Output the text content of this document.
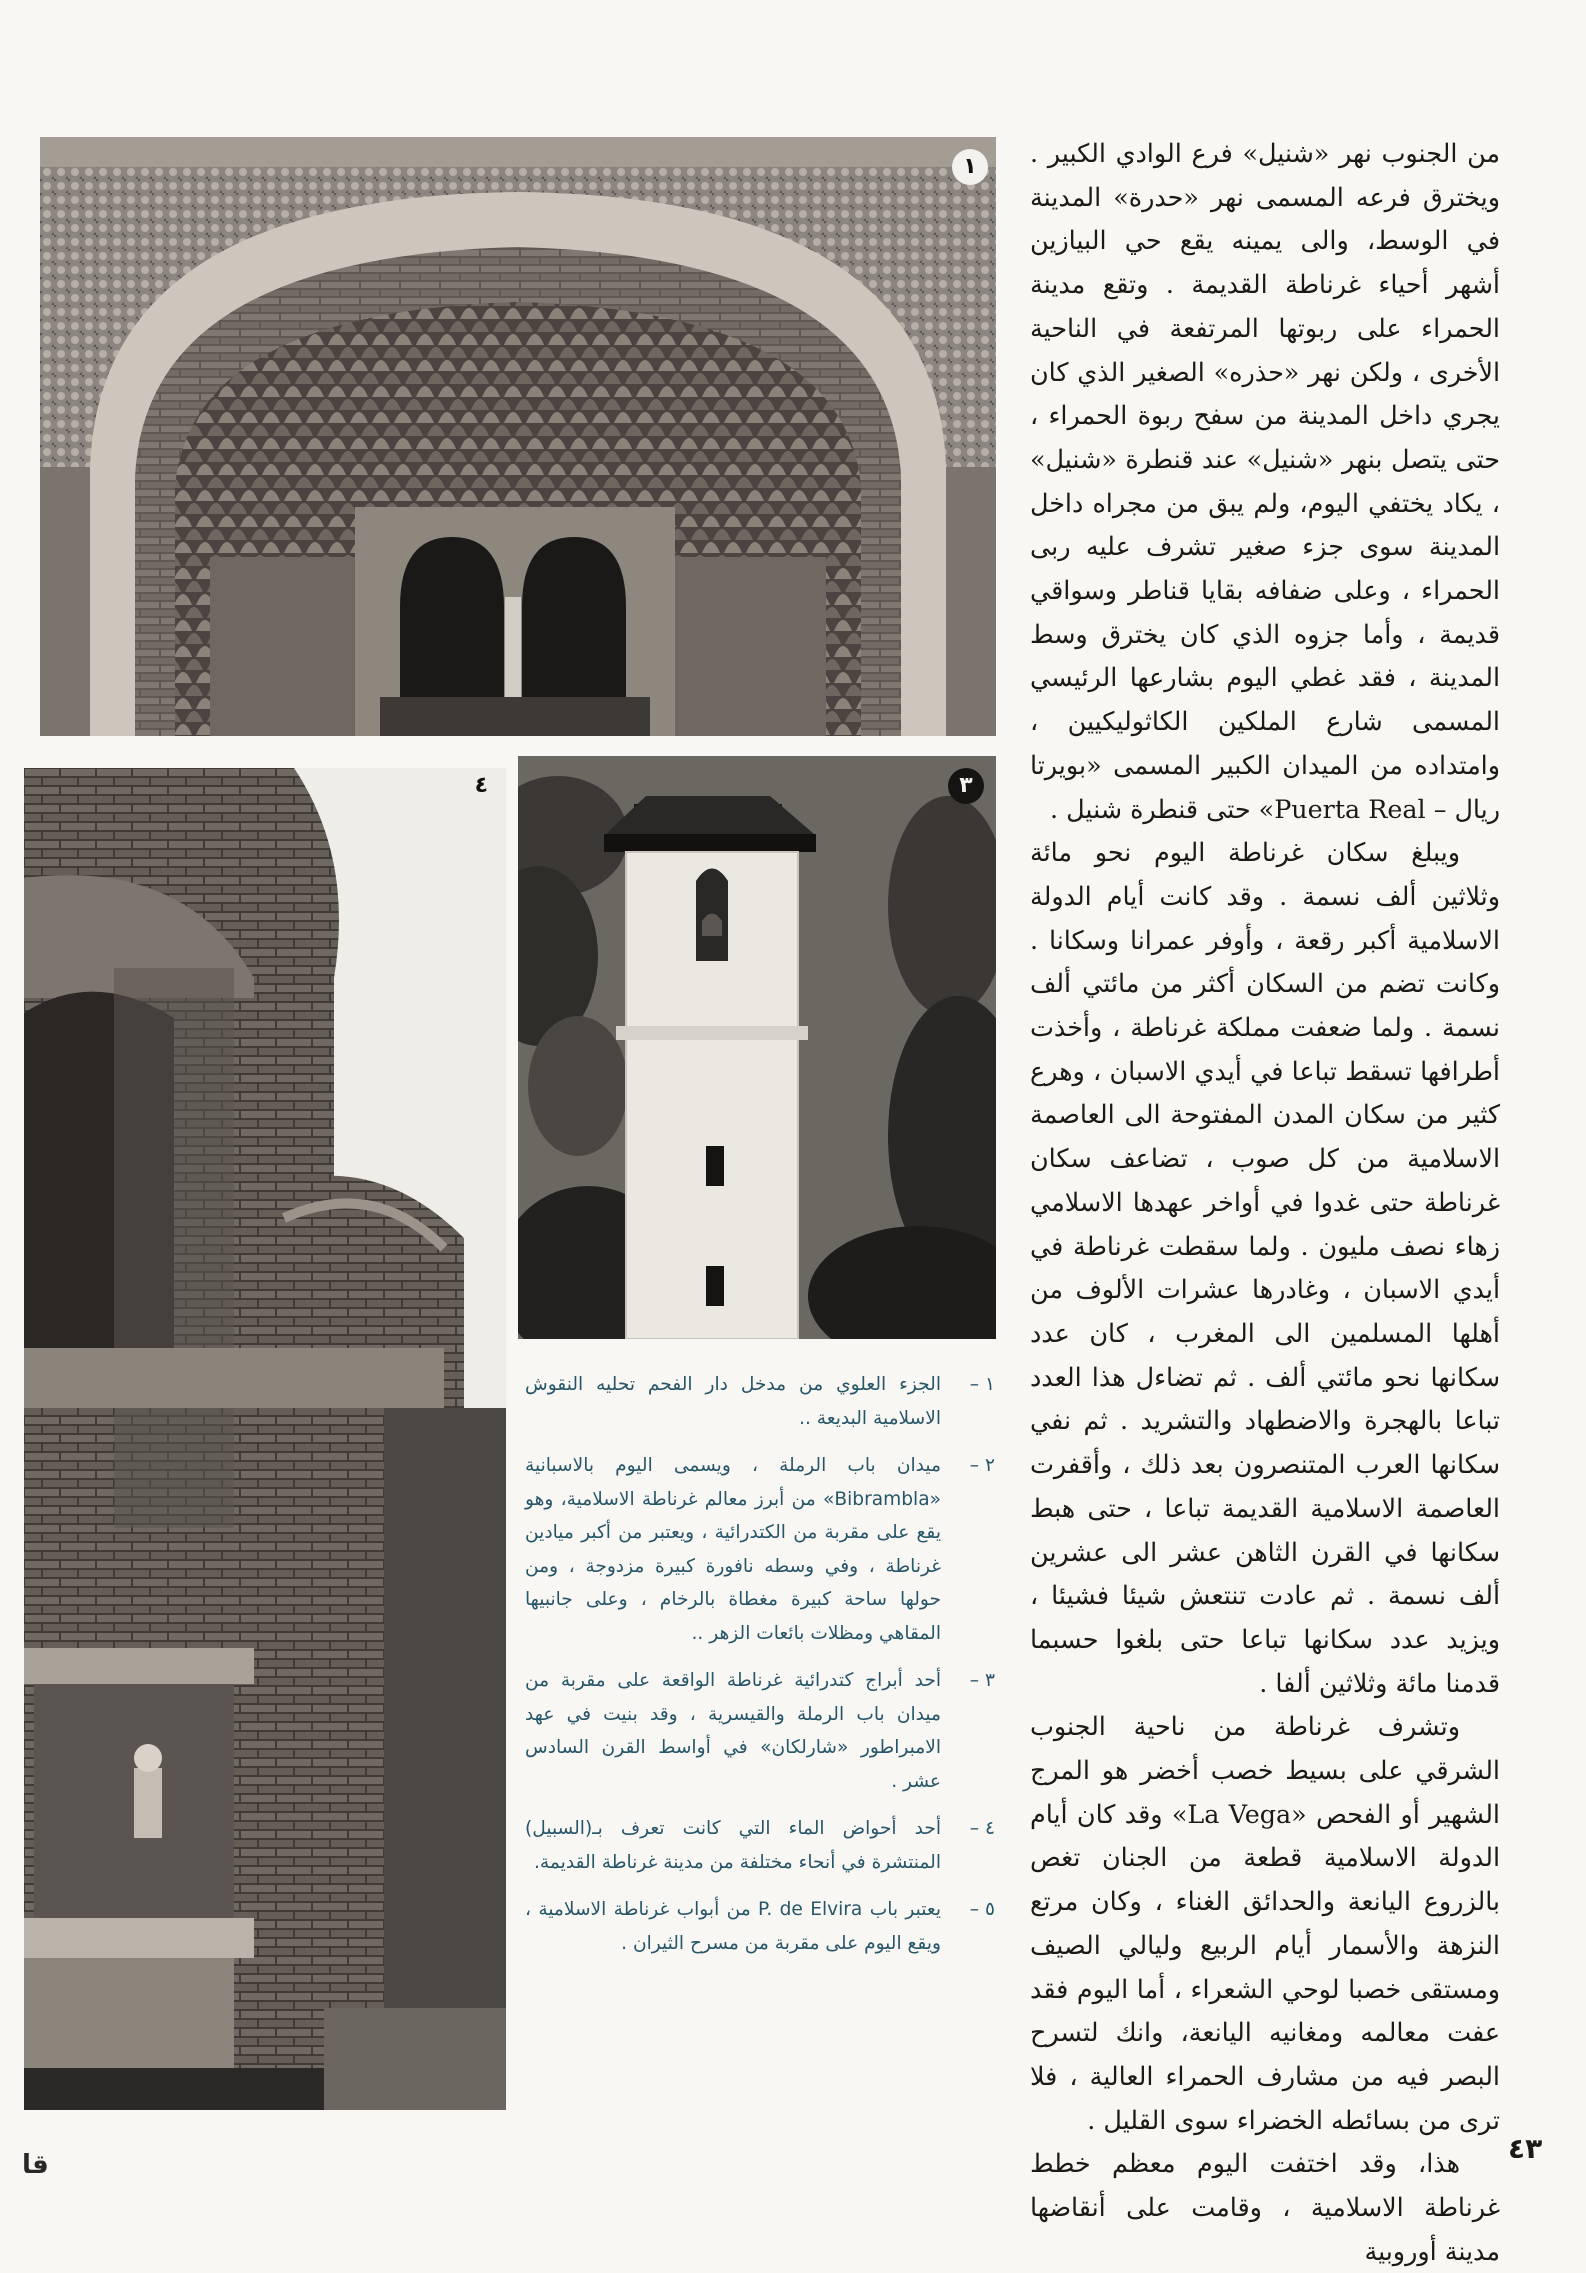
١
٣
٤

من الجنوب نهر «شنيل» فرع الوادي الكبير . ويخترق فرعه المسمى نهر «حدرة» المدينة في الوسط، والى يمينه يقع حي البيازين أشهر أحياء غرناطة القديمة . وتقع مدينة الحمراء على ربوتها المرتفعة في الناحية الأخرى ، ولكن نهر «حذره» الصغير الذي كان يجري داخل المدينة من سفح ربوة الحمراء ، حتى يتصل بنهر «شنيل» عند قنطرة «شنيل» ، يكاد يختفي اليوم، ولم يبق من مجراه داخل المدينة سوى جزء صغير تشرف عليه ربى الحمراء ، وعلى ضفافه بقايا قناطر وسواقي قديمة ، وأما جزوه الذي كان يخترق وسط المدينة ، فقد غطي اليوم بشارعها الرئيسي المسمى شارع الملكين الكاثوليكيين ، وامتداده من الميدان الكبير المسمى «بويرتا ريال – Puerta Real» حتى قنطرة شنيل .

ويبلغ سكان غرناطة اليوم نحو مائة وثلاثين ألف نسمة . وقد كانت أيام الدولة الاسلامية أكبر رقعة ، وأوفر عمرانا وسكانا . وكانت تضم من السكان أكثر من مائتي ألف نسمة . ولما ضعفت مملكة غرناطة ، وأخذت أطرافها تسقط تباعا في أيدي الاسبان ، وهرع كثير من سكان المدن المفتوحة الى العاصمة الاسلامية من كل صوب ، تضاعف سكان غرناطة حتى غدوا في أواخر عهدها الاسلامي زهاء نصف مليون . ولما سقطت غرناطة في أيدي الاسبان ، وغادرها عشرات الألوف من أهلها المسلمين الى المغرب ، كان عدد سكانها نحو مائتي ألف . ثم تضاءل هذا العدد تباعا بالهجرة والاضطهاد والتشريد . ثم نفي سكانها العرب المتنصرون بعد ذلك ، وأقفرت العاصمة الاسلامية القديمة تباعا ، حتى هبط سكانها في القرن الثاهن عشر الى عشرين ألف نسمة . ثم عادت تنتعش شيئا فشيئا ، ويزيد عدد سكانها تباعا حتى بلغوا حسبما قدمنا مائة وثلاثين ألفا .

وتشرف غرناطة من ناحية الجنوب الشرقي على بسيط خصب أخضر هو المرج الشهير أو الفحص «La Vega» وقد كان أيام الدولة الاسلامية قطعة من الجنان تغص بالزروع اليانعة والحدائق الغناء ، وكان مرتع النزهة والأسمار أيام الربيع وليالي الصيف ومستقى خصبا لوحي الشعراء ، أما اليوم فقد عفت معالمه ومغانيه اليانعة، وانك لتسرح البصر فيه من مشارف الحمراء العالية ، فلا ترى من بسائطه الخضراء سوى القليل .

هذا، وقد اختفت اليوم معظم خطط غرناطة الاسلامية ، وقامت على أنقاضها مدينة أوروبية

١ –
الجزء العلوي من مدخل دار الفحم تحليه النقوش الاسلامية البديعة ..
٢ –
ميدان باب الرملة ، ويسمى اليوم بالاسبانية «Bibrambla» من أبرز معالم غرناطة الاسلامية، وهو يقع على مقربة من الكتدرائية ، ويعتبر من أكبر ميادين غرناطة ، وفي وسطه نافورة كبيرة مزدوجة ، ومن حولها ساحة كبيرة مغطاة بالرخام ، وعلى جانبيها المقاهي ومظلات بائعات الزهر ..
٣ –
أحد أبراج كتدرائية غرناطة الواقعة على مقربة من ميدان باب الرملة والقيسرية ، وقد بنيت في عهد الامبراطور «شارلكان» في أواسط القرن السادس عشر .
٤ –
أحد أحواض الماء التي كانت تعرف بـ(السبيل) المنتشرة في أنحاء مختلفة من مدينة غرناطة القديمة.
٥ –
يعتبر باب P. de Elvira من أبواب غرناطة الاسلامية ، ويقع اليوم على مقربة من مسرح الثيران .
٤٣
قا
